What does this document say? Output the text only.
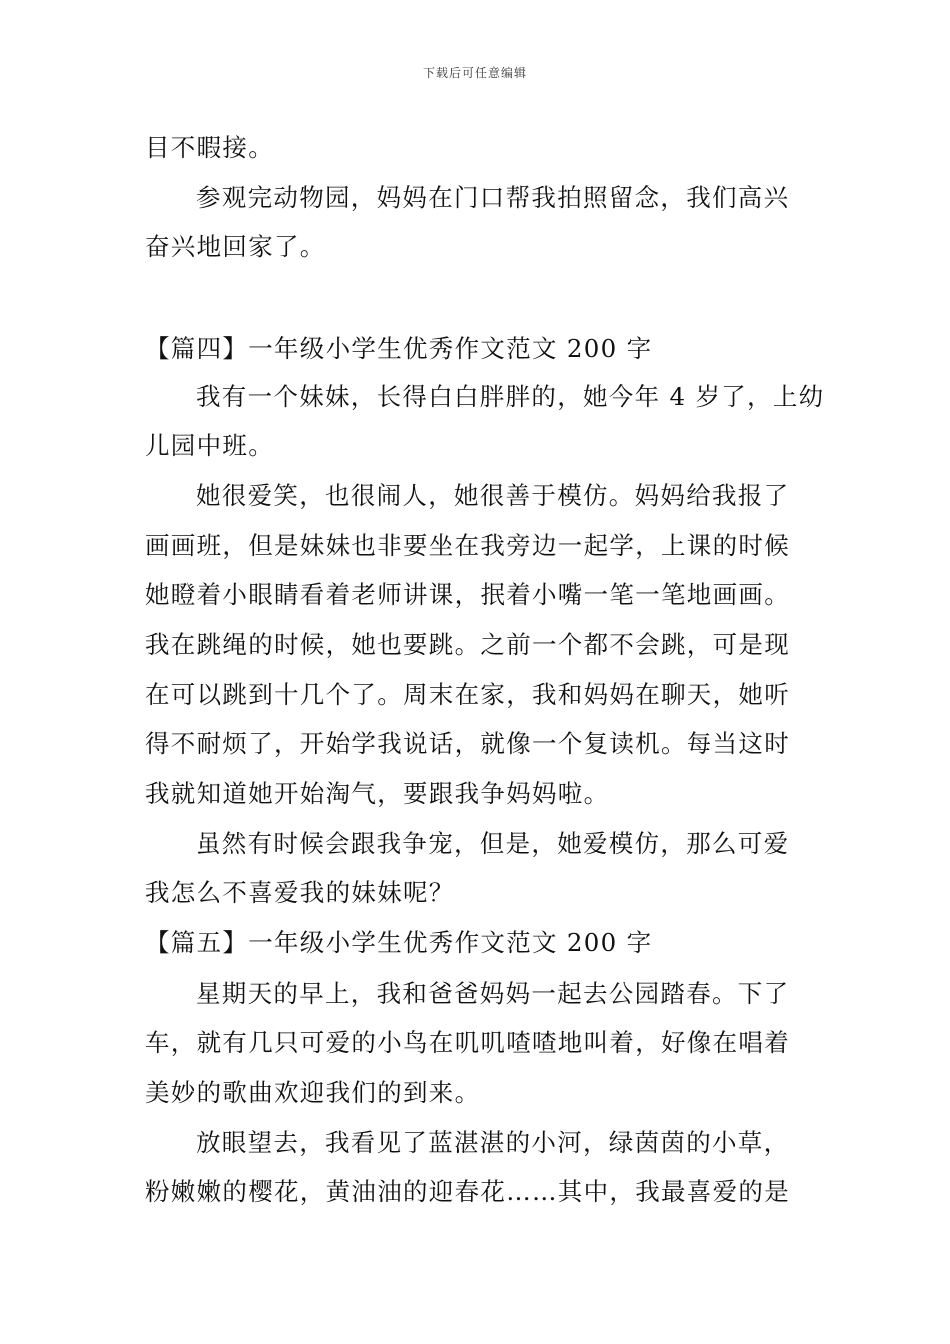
下载后可任意编辑
目不暇接。
参观完动物园，妈妈在门口帮我拍照留念，我们高兴
奋兴地回家了。
【篇四】一年级小学生优秀作文范文 200 字
我有一个妹妹，长得白白胖胖的，她今年 4 岁了，上幼
儿园中班。
她很爱笑，也很闹人，她很善于模仿。妈妈给我报了
画画班，但是妹妹也非要坐在我旁边一起学，上课的时候
她瞪着小眼睛看着老师讲课，抿着小嘴一笔一笔地画画。
我在跳绳的时候，她也要跳。之前一个都不会跳，可是现
在可以跳到十几个了。周末在家，我和妈妈在聊天，她听
得不耐烦了，开始学我说话，就像一个复读机。每当这时
我就知道她开始淘气，要跟我争妈妈啦。
虽然有时候会跟我争宠，但是，她爱模仿，那么可爱
我怎么不喜爱我的妹妹呢？
【篇五】一年级小学生优秀作文范文 200 字
星期天的早上，我和爸爸妈妈一起去公园踏春。下了
车，就有几只可爱的小鸟在叽叽喳喳地叫着，好像在唱着
美妙的歌曲欢迎我们的到来。
放眼望去，我看见了蓝湛湛的小河，绿茵茵的小草，
粉嫩嫩的樱花，黄油油的迎春花……其中，我最喜爱的是
